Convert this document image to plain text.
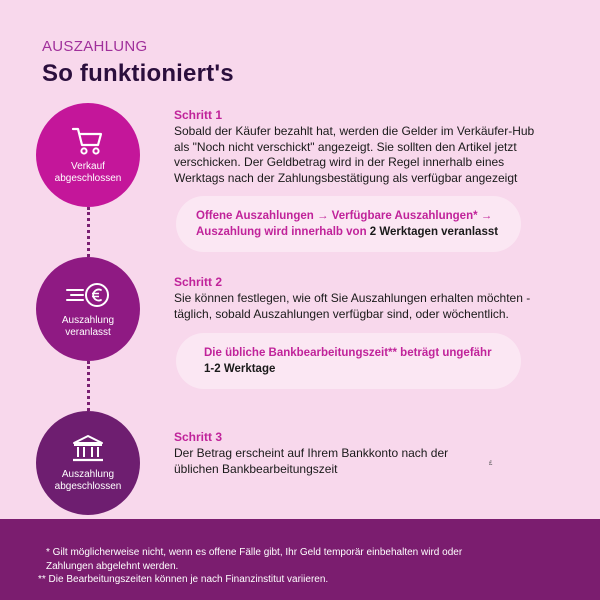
AUSZAHLUNG
So funktioniert's
Verkauf
abgeschlossen
Auszahlung
veranlasst
Auszahlung
abgeschlossen
Schritt 1
Sobald der Käufer bezahlt hat, werden die Gelder im Verkäufer-Hub als "Noch nicht verschickt" angezeigt. Sie sollten den Artikel jetzt verschicken. Der Geldbetrag wird in der Regel innerhalb eines Werktags nach der Zahlungsbestätigung als verfügbar angezeigt
Offene Auszahlungen → Verfügbare Auszahlungen* →
Auszahlung wird innerhalb von 2 Werktagen veranlasst
Schritt 2
Sie können festlegen, wie oft Sie Auszahlungen erhalten möchten - täglich, sobald Auszahlungen verfügbar sind, oder wöchentlich.
Die übliche Bankbearbeitungszeit** beträgt ungefähr
1-2 Werktage
Schritt 3
Der Betrag erscheint auf Ihrem Bankkonto nach der üblichen Bankbearbeitungszeit	£
* Gilt möglicherweise nicht, wenn es offene Fälle gibt, Ihr Geld temporär einbehalten wird oder Zahlungen abgelehnt werden.
** Die Bearbeitungszeiten können je nach Finanzinstitut variieren.
